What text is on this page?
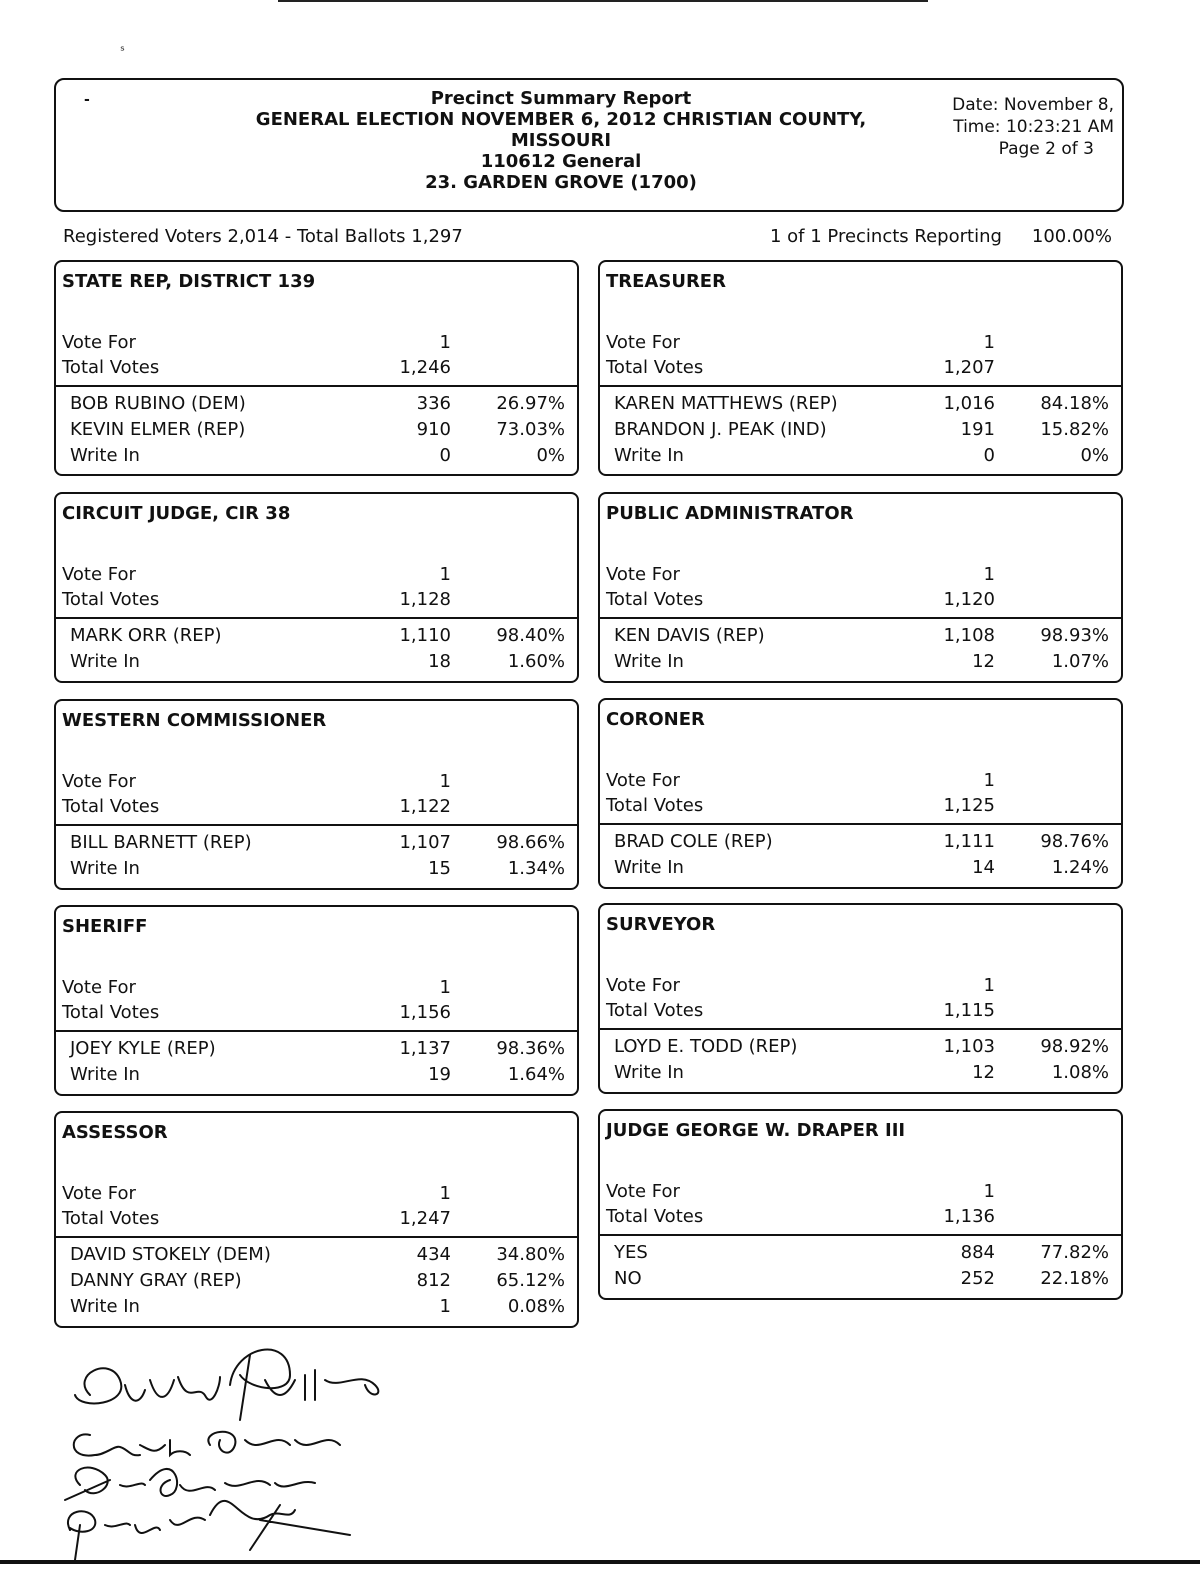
ˢ
-	Precinct Summary Report
GENERAL ELECTION NOVEMBER 6, 2012 CHRISTIAN COUNTY,
MISSOURI
110612 General
23. GARDEN GROVE (1700)
Date: November 8,
Time: 10:23:21 AM
Page 2 of 3
Registered Voters 2,014 - Total Ballots 1,297	1 of 1 Precincts Reporting 100.00%
STATE REP, DISTRICT 139
Vote For	1
Total Votes	1,246
BOB RUBINO (DEM)	336	26.97%
KEVIN ELMER (REP)	910	73.03%
Write In	0	0%
TREASURER
Vote For	1
Total Votes	1,207
KAREN MATTHEWS (REP)	1,016	84.18%
BRANDON J. PEAK (IND)	191	15.82%
Write In	0	0%
CIRCUIT JUDGE, CIR 38
Vote For	1
Total Votes	1,128
MARK ORR (REP)	1,110	98.40%
Write In	18	1.60%
PUBLIC ADMINISTRATOR
Vote For	1
Total Votes	1,120
KEN DAVIS (REP)	1,108	98.93%
Write In	12	1.07%
WESTERN COMMISSIONER
Vote For	1
Total Votes	1,122
BILL BARNETT (REP)	1,107	98.66%
Write In	15	1.34%
CORONER
Vote For	1
Total Votes	1,125
BRAD COLE (REP)	1,111	98.76%
Write In	14	1.24%
SHERIFF
Vote For	1
Total Votes	1,156
JOEY KYLE (REP)	1,137	98.36%
Write In	19	1.64%
SURVEYOR
Vote For	1
Total Votes	1,115
LOYD E. TODD (REP)	1,103	98.92%
Write In	12	1.08%
ASSESSOR
Vote For	1
Total Votes	1,247
DAVID STOKELY (DEM)	434	34.80%
DANNY GRAY (REP)	812	65.12%
Write In	1	0.08%
JUDGE GEORGE W. DRAPER III
Vote For	1
Total Votes	1,136
YES	884	77.82%
NO	252	22.18%
